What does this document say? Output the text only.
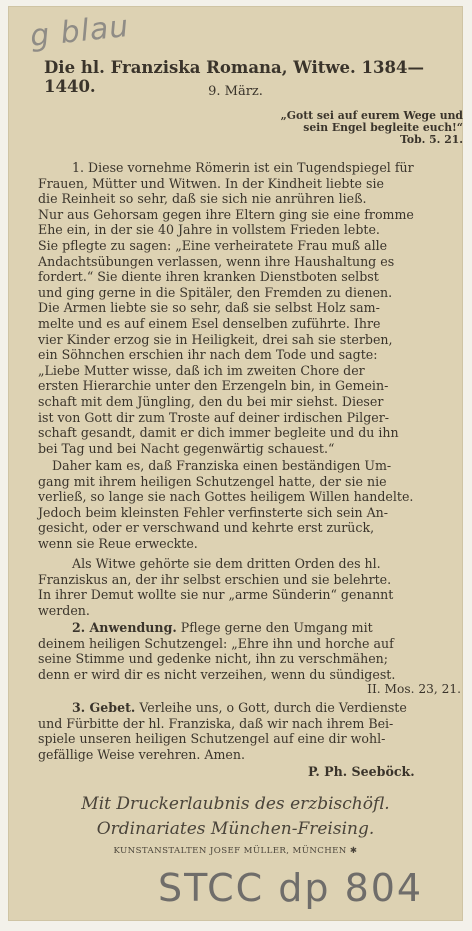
g blau
Die hl. Franziska Romana, Witwe. 1384—1440.	9. März.
„Gott sei auf eurem Wege und
sein Engel begleite euch!“
Tob. 5. 21.
1. Diese vornehme Römerin ist ein Tugendspiegel für
Frauen, Mütter und Witwen. In der Kindheit liebte sie
die Reinheit so sehr, daß sie sich nie anrühren ließ.
Nur aus Gehorsam gegen ihre Eltern ging sie eine fromme
Ehe ein, in der sie 40 Jahre in vollstem Frieden lebte.
Sie pflegte zu sagen: „Eine verheiratete Frau muß alle
Andachtsübungen verlassen, wenn ihre Haushaltung es
fordert.“ Sie diente ihren kranken Dienstboten selbst
und ging gerne in die Spitäler, den Fremden zu dienen.
Die Armen liebte sie so sehr, daß sie selbst Holz sam-
melte und es auf einem Esel denselben zuführte. Ihre
vier Kinder erzog sie in Heiligkeit, drei sah sie sterben,
ein Söhnchen erschien ihr nach dem Tode und sagte:
„Liebe Mutter wisse, daß ich im zweiten Chore der
ersten Hierarchie unter den Erzengeln bin, in Gemein-
schaft mit dem Jüngling, den du bei mir siehst. Dieser
ist von Gott dir zum Troste auf deiner irdischen Pilger-
schaft gesandt, damit er dich immer begleite und du ihn
bei Tag und bei Nacht gegenwärtig schauest.“
Daher kam es, daß Franziska einen beständigen Um-
gang mit ihrem heiligen Schutzengel hatte, der sie nie
verließ, so lange sie nach Gottes heiligem Willen handelte.
Jedoch beim kleinsten Fehler verfinsterte sich sein An-
gesicht, oder er verschwand und kehrte erst zurück,
wenn sie Reue erweckte.
Als Witwe gehörte sie dem dritten Orden des hl.
Franziskus an, der ihr selbst erschien und sie belehrte.
In ihrer Demut wollte sie nur „arme Sünderin“ genannt
werden.
2. Anwendung. Pflege gerne den Umgang mit
deinem heiligen Schutzengel: „Ehre ihn und horche auf
seine Stimme und gedenke nicht, ihn zu verschmähen;
denn er wird dir es nicht verzeihen, wenn du sündigest.
II. Mos. 23, 21.
3. Gebet. Verleihe uns, o Gott, durch die Verdienste
und Fürbitte der hl. Franziska, daß wir nach ihrem Bei-
spiele unseren heiligen Schutzengel auf eine dir wohl-
gefällige Weise verehren. Amen.
P. Ph. Seeböck.
Mit Druckerlaubnis des erzbischöfl.
Ordinariates München-Freising.
KUNSTANSTALTEN JOSEF MÜLLER, MÜNCHEN ✱
STCC dp 804
